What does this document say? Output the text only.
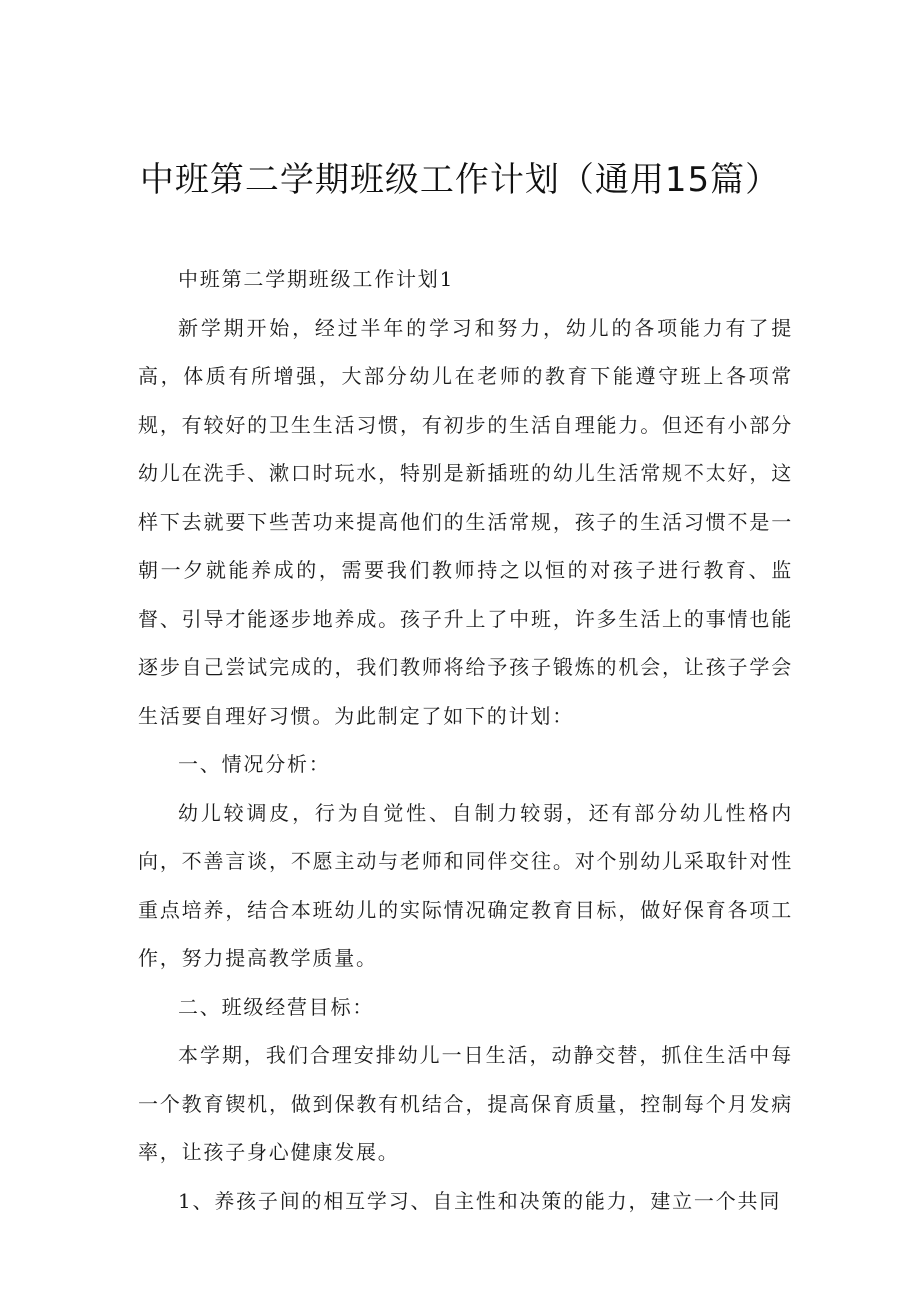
中班第二学期班级工作计划（通用15篇）

中班第二学期班级工作计划1

新学期开始，经过半年的学习和努力，幼儿的各项能力有了提高，体质有所增强，大部分幼儿在老师的教育下能遵守班上各项常规，有较好的卫生生活习惯，有初步的生活自理能力。但还有小部分幼儿在洗手、漱口时玩水，特别是新插班的幼儿生活常规不太好，这样下去就要下些苦功来提高他们的生活常规，孩子的生活习惯不是一朝一夕就能养成的，需要我们教师持之以恒的对孩子进行教育、监督、引导才能逐步地养成。孩子升上了中班，许多生活上的事情也能逐步自己尝试完成的，我们教师将给予孩子锻炼的机会，让孩子学会生活要自理好习惯。为此制定了如下的计划：

一、情况分析：

幼儿较调皮，行为自觉性、自制力较弱，还有部分幼儿性格内向，不善言谈，不愿主动与老师和同伴交往。对个别幼儿采取针对性重点培养，结合本班幼儿的实际情况确定教育目标，做好保育各项工作，努力提高教学质量。

二、班级经营目标：

本学期，我们合理安排幼儿一日生活，动静交替，抓住生活中每一个教育锲机，做到保教有机结合，提高保育质量，控制每个月发病率，让孩子身心健康发展。

1、养孩子间的相互学习、自主性和决策的能力，建立一个共同
